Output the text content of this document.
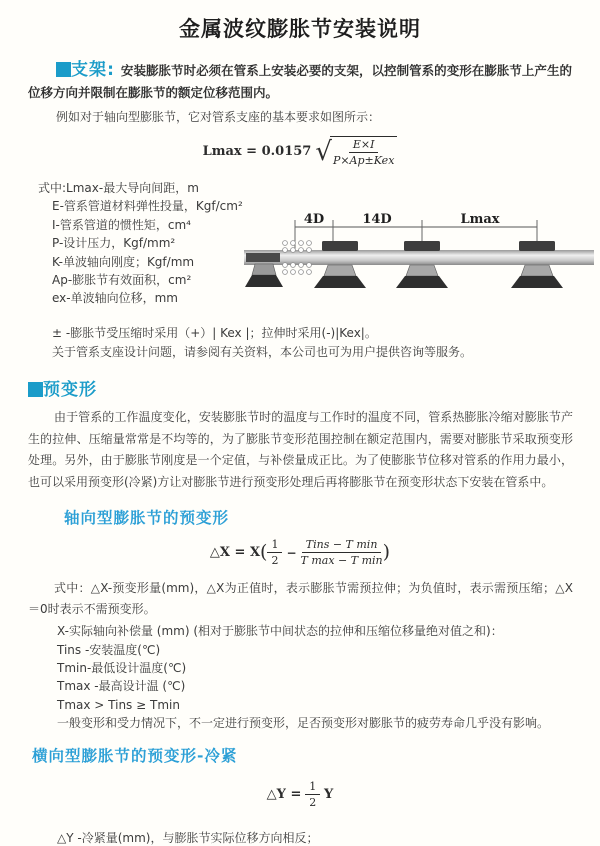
金属波纹膨胀节安装说明
支架: 安装膨胀节时必须在管系上安装必要的支架，以控制管系的变形在膨胀节上产生的位移方向并限制在膨胀节的额定位移范围内。
例如对于轴向型膨胀节，它对管系支座的基本要求如图所示：
Lmax = 0.0157 √ $\frac{E\times I}{\text{P×Ap±Kex}}$
式中:Lmax-最大导向间距，m
E-管系管道材料弹性投量，Kgf/cm²
I-管系管道的惯性矩，cm⁴
P-设计压力，Kgf/mm²
K-单波轴向刚度；Kgf/mm
Ap-膨胀节有效面积，cm²
ex-单波轴向位移，mm
4D	14D	Lmax
± -膨胀节受压缩时采用（+）| Kex |；拉伸时采用(-)|Kex|。
关于管系支座设计问题，请参阅有关资料，本公司也可为用户提供咨询等服务。
预变形
由于管系的工作温度变化，安装膨胀节时的温度与工作时的温度不同，管系热膨胀冷缩对膨胀节产生的拉伸、压缩量常常是不均等的，为了膨胀节变形范围控制在额定范围内，需要对膨胀节采取预变形处理。另外，由于膨胀节刚度是一个定值，与补偿量成正比。为了使膨胀节位移对管系的作用力最小，也可以采用预变形(冷紧)方让对膨胀节进行预变形处理后再将膨胀节在预变形状态下安装在管系中。
轴向型膨胀节的预变形
△X = $X( \frac{1}{2} - \frac{\text{Tins − T min}}{\text{T max − T min}}$ )
式中：△X-预变形量(mm)，△X为正值时，表示膨胀节需预拉伸；为负值时，表示需预压缩；△X＝0时表示不需预变形。
X-实际轴向补偿量 (mm) (相对于膨胀节中间状态的拉伸和压缩位移量绝对值之和)：
Tins -安装温度(℃)
Tmin-最低设计温度(℃)
Tmax -最高设计温 (℃)
Tmax > Tins ≥ Tmin
一般变形和受力情况下，不一定进行预变形，足否预变形对膨胀节的疲劳寿命几乎没有影响。
横向型膨胀节的预变形-冷紧
△Y = $\frac{1}{2}$ Y
△Y -冷紧量(mm)，与膨胀节实际位移方向相反；
